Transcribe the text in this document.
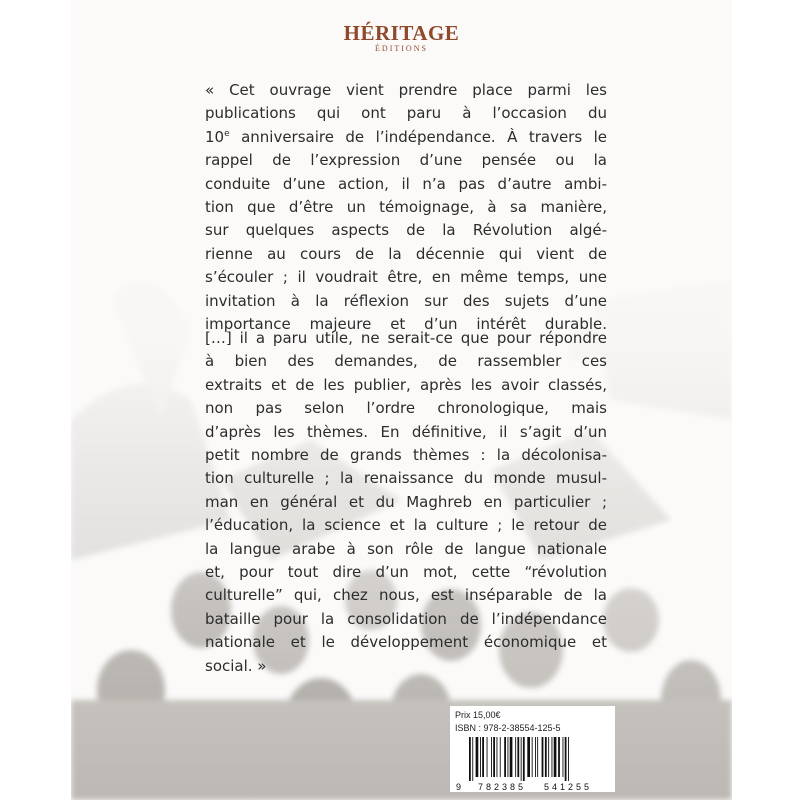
HÉRITAGE
ÉDITIONS
« Cet ouvrage vient prendre place parmi les
publications qui ont paru à l’occasion du
10e anniversaire de l’indépendance. À travers le
rappel de l’expression d’une pensée ou la
conduite d’une action, il n’a pas d’autre ambi-
tion que d’être un témoignage, à sa manière,
sur quelques aspects de la Révolution algé-
rienne au cours de la décennie qui vient de
s’écouler ; il voudrait être, en même temps, une
invitation à la réflexion sur des sujets d’une
importance majeure et d’un intérêt durable.
[…] il a paru utile, ne serait-ce que pour répondre
à bien des demandes, de rassembler ces
extraits et de les publier, après les avoir classés,
non pas selon l’ordre chronologique, mais
d’après les thèmes. En définitive, il s’agit d’un
petit nombre de grands thèmes : la décolonisa-
tion culturelle ; la renaissance du monde musul-
man en général et du Maghreb en particulier ;
l’éducation, la science et la culture ; le retour de
la langue arabe à son rôle de langue nationale
et, pour tout dire d’un mot, cette “révolution
culturelle” qui, chez nous, est inséparable de la
bataille pour la consolidation de l’indépendance
nationale et le développement économique et
social. »
Prix 15,00€
ISBN : 978-2-38554-125-5
9 782385 541255
